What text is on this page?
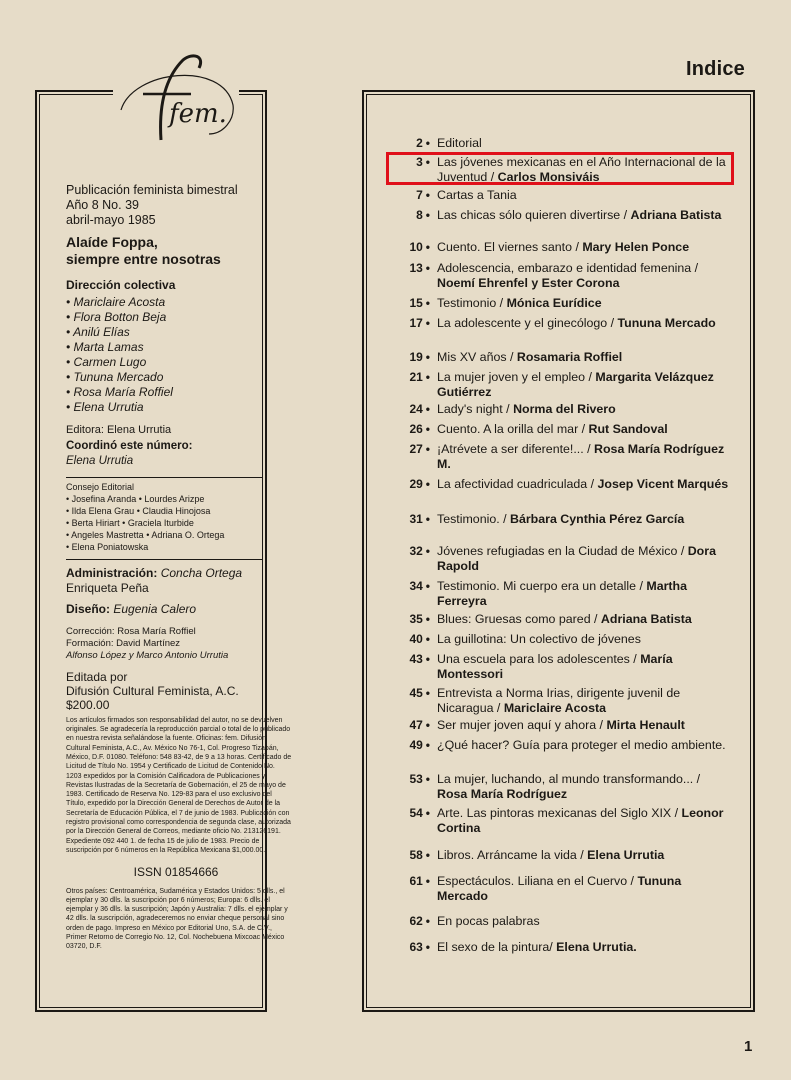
Indice
fem.
Publicación feminista bimestral
Año 8 No. 39
abril-mayo 1985
Alaíde Foppa,
siempre entre nosotras
Dirección colectiva
• Mariclaire Acosta
• Flora Botton Beja
• Anilú Elías
• Marta Lamas
• Carmen Lugo
• Tununa Mercado
• Rosa María Roffiel
• Elena Urrutia
Editora: Elena Urrutia
Coordinó este número:
Elena Urrutia
Consejo Editorial
• Josefina Aranda • Lourdes Arizpe
• Ilda Elena Grau • Claudia Hinojosa
• Berta Hiriart • Graciela Iturbide
• Angeles Mastretta • Adriana O. Ortega
• Elena Poniatowska
Administración: Concha Ortega
Enriqueta Peña
Diseño: Eugenia Calero
Corrección: Rosa María Roffiel
Formación: David Martínez
Alfonso López y Marco Antonio Urrutia
Editada por
Difusión Cultural Feminista, A.C.
$200.00
Los artículos firmados son responsabilidad del autor, no se devuelven originales. Se agradecería la reproducción parcial o total de lo publicado en nuestra revista señalándose la fuente. Oficinas: fem. Difusión Cultural Feminista, A.C., Av. México No 76-1, Col. Progreso Tizapán, México, D.F. 01080. Teléfono: 548 83-42, de 9 a 13 horas. Certificado de Licitud de Título No. 1954 y Certificado de Licitud de Contenido No. 1203 expedidos por la Comisión Calificadora de Publicaciones y Revistas Ilustradas de la Secretaría de Gobernación, el 25 de mayo de 1983. Certificado de Reserva No. 129-83 para el uso exclusivo del Título, expedido por la Dirección General de Derechos de Autor de la Secretaría de Educación Pública, el 7 de junio de 1983. Publicación con registro provisional como correspondencia de segunda clase, autorizada por la Dirección General de Correos, mediante oficio No. 213126191. Expediente 092 440 1. de fecha 15 de julio de 1983. Precio de suscripción por 6 números en la República Mexicana $1,000.00.
ISSN 01854666
Otros países: Centroamérica, Sudamérica y Estados Unidos: 5 dlls., el ejemplar y 30 dlls. la suscripción por 6 números; Europa: 6 dlls. el ejemplar y 36 dlls. la suscripción; Japón y Australia: 7 dlls. el ejemplar y 42 dlls. la suscripción, agradeceremos no enviar cheque personal sino orden de pago. Impreso en México por Editorial Uno, S.A. de C.V., Primer Retorno de Corregio No. 12, Col. Nochebuena Mixcoac México 03720, D.F.
2 • Editorial
3 • Las jóvenes mexicanas en el Año Internacional de la Juventud / Carlos Monsiváis
7 • Cartas a Tania
8 • Las chicas sólo quieren divertirse / Adriana Batista
10 • Cuento. El viernes santo / Mary Helen Ponce
13 • Adolescencia, embarazo e identidad femenina / Noemí Ehrenfel y Ester Corona
15 • Testimonio / Mónica Eurídice
17 • La adolescente y el ginecólogo / Tununa Mercado
19 • Mis XV años / Rosamaria Roffiel
21 • La mujer joven y el empleo / Margarita Velázquez Gutiérrez
24 • Lady's night / Norma del Rivero
26 • Cuento. A la orilla del mar / Rut Sandoval
27 • ¡Atrévete a ser diferente!... / Rosa María Rodríguez M.
29 • La afectividad cuadriculada / Josep Vicent Marqués
31 • Testimonio. / Bárbara Cynthia Pérez García
32 • Jóvenes refugiadas en la Ciudad de México / Dora Rapold
34 • Testimonio. Mi cuerpo era un detalle / Martha Ferreyra
35 • Blues: Gruesas como pared / Adriana Batista
40 • La guillotina: Un colectivo de jóvenes
43 • Una escuela para los adolescentes / María Montessori
45 • Entrevista a Norma Irias, dirigente juvenil de Nicaragua / Mariclaire Acosta
47 • Ser mujer joven aquí y ahora / Mirta Henault
49 • ¿Qué hacer? Guía para proteger el medio ambiente.
53 • La mujer, luchando, al mundo transformando... / Rosa María Rodríguez
54 • Arte. Las pintoras mexicanas del Siglo XIX / Leonor Cortina
58 • Libros. Arráncame la vida / Elena Urrutia
61 • Espectáculos. Liliana en el Cuervo / Tununa Mercado
62 • En pocas palabras
63 • El sexo de la pintura/ Elena Urrutia.
1
